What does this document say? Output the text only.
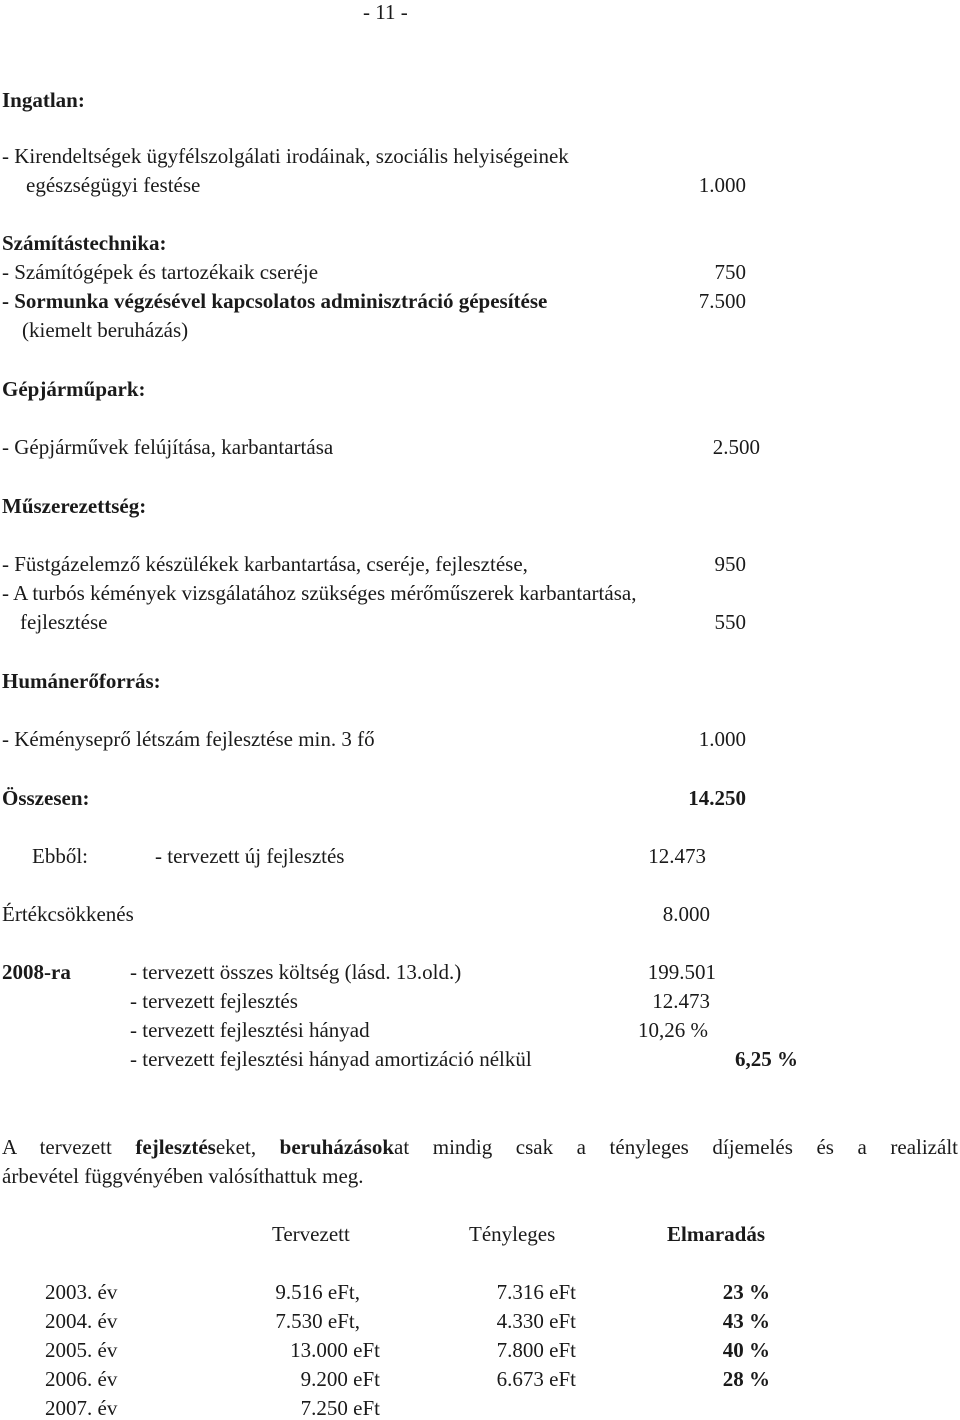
- 11 -
Ingatlan:
- Kirendeltségek ügyfélszolgálati irodáinak, szociális helyiségeinek
egészségügyi festése	1.000
Számítástechnika:
- Számítógépek és tartozékaik cseréje	750
- Sormunka végzésével kapcsolatos adminisztráció gépesítése	7.500
(kiemelt beruházás)
Gépjárműpark:
- Gépjárművek felújítása, karbantartása	2.500
Műszerezettség:
- Füstgázelemző készülékek karbantartása, cseréje, fejlesztése,	950
- A turbós kémények vizsgálatához szükséges mérőműszerek karbantartása,
fejlesztése	550
Humánerőforrás:
- Kéményseprő létszám fejlesztése min. 3 fő	1.000
Összesen:	14.250
Ebből:	- tervezett új fejlesztés	12.473
Értékcsökkenés	8.000
2008-ra	- tervezett összes költség (lásd. 13.old.)	199.501
- tervezett fejlesztés	12.473
- tervezett fejlesztési hányad	10,26 %
- tervezett fejlesztési hányad amortizáció nélkül	6,25 %
A tervezett fejlesztéseket, beruházásokat mindig csak a tényleges díjemelés és a realizált
árbevétel függvényében valósíthattuk meg.
Tervezett	Tényleges	Elmaradás
2003. év	9.516 eFt,	7.316 eFt	23 %
2004. év	7.530 eFt,	4.330 eFt	43 %
2005. év	13.000 eFt	7.800 eFt	40 %
2006. év	9.200 eFt	6.673 eFt	28 %
2007. év	7.250 eFt
